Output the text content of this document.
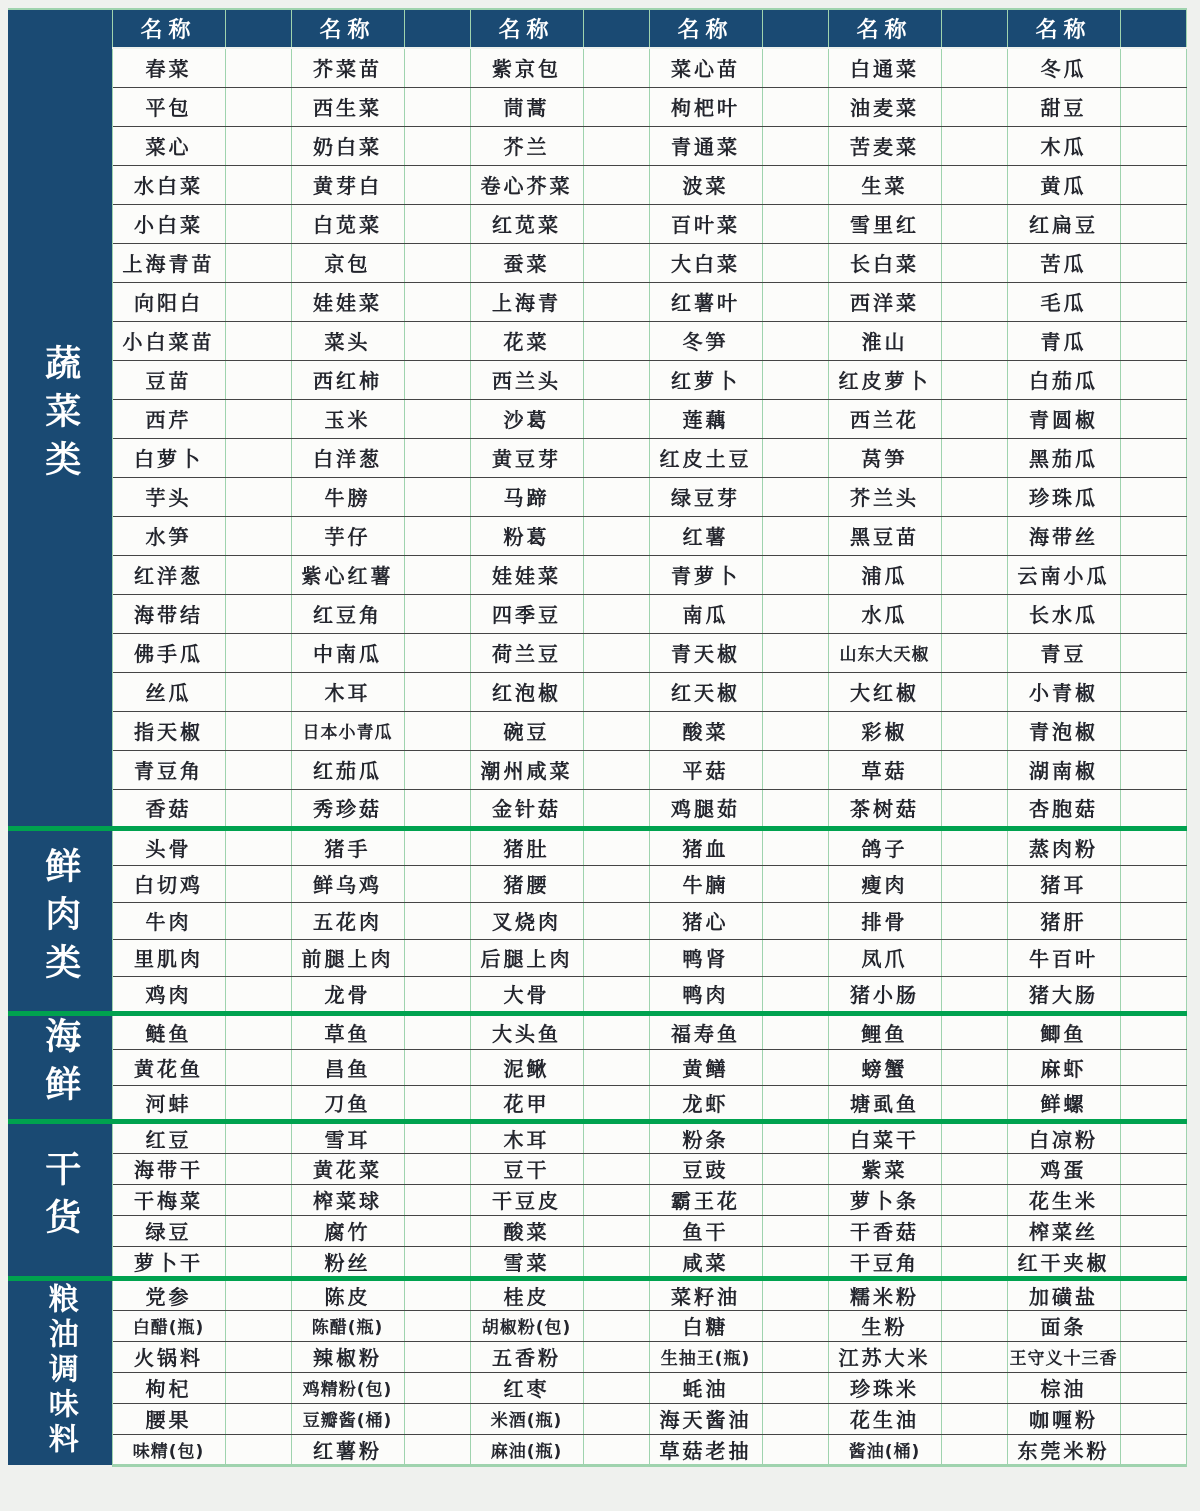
蔬菜类	名称		名称		名称		名称		名称		名称	
	春菜		芥菜苗		紫京包		菜心苗		白通菜		冬瓜	
	平包		西生菜		茼蒿		枸杷叶		油麦菜		甜豆	
	菜心		奶白菜		芥兰		青通菜		苦麦菜		木瓜	
	水白菜		黄芽白		卷心芥菜		波菜		生菜		黄瓜	
	小白菜		白苋菜		红苋菜		百叶菜		雪里红		红扁豆	
	上海青苗		京包		蚕菜		大白菜		长白菜		苦瓜	
	向阳白		娃娃菜		上海青		红薯叶		西洋菜		毛瓜	
	小白菜苗		菜头		花菜		冬笋		淮山		青瓜	
	豆苗		西红柿		西兰头		红萝卜		红皮萝卜		白茄瓜	
	西芹		玉米		沙葛		莲藕		西兰花		青圆椒	
	白萝卜		白洋葱		黄豆芽		红皮土豆		莴笋		黑茄瓜	
	芋头		牛膀		马蹄		绿豆芽		芥兰头		珍珠瓜	
	水笋		芋仔		粉葛		红薯		黑豆苗		海带丝	
	红洋葱		紫心红薯		娃娃菜		青萝卜		浦瓜		云南小瓜	
	海带结		红豆角		四季豆		南瓜		水瓜		长水瓜	
	佛手瓜		中南瓜		荷兰豆		青天椒		山东大天椒		青豆	
	丝瓜		木耳		红泡椒		红天椒		大红椒		小青椒	
	指天椒		日本小青瓜		碗豆		酸菜		彩椒		青泡椒	
	青豆角		红茄瓜		潮州咸菜		平菇		草菇		湖南椒	
	香菇		秀珍菇		金针菇		鸡腿茹		茶树菇		杏胞菇	
鲜肉类	头骨		猪手		猪肚		猪血		鸽子		蒸肉粉	
	白切鸡		鲜乌鸡		猪腰		牛腩		瘦肉		猪耳	
	牛肉		五花肉		叉烧肉		猪心		排骨		猪肝	
	里肌肉		前腿上肉		后腿上肉		鸭肾		凤爪		牛百叶	
	鸡肉		龙骨		大骨		鸭肉		猪小肠		猪大肠	
海鲜	鲢鱼		草鱼		大头鱼		福寿鱼		鲤鱼		鲫鱼	
	黄花鱼		昌鱼		泥鳅		黄鳝		螃蟹		麻虾	
	河蚌		刀鱼		花甲		龙虾		塘虱鱼		鲜螺	
干货	红豆		雪耳		木耳		粉条		白菜干		白凉粉	
	海带干		黄花菜		豆干		豆豉		紫菜		鸡蛋	
	干梅菜		榨菜球		干豆皮		霸王花		萝卜条		花生米	
	绿豆		腐竹		酸菜		鱼干		干香菇		榨菜丝	
	萝卜干		粉丝		雪菜		咸菜		干豆角		红干夹椒	
粮油调味料	党参		陈皮		桂皮		菜籽油		糯米粉		加磺盐	
	白醋(瓶)		陈醋(瓶)		胡椒粉(包)		白糖		生粉		面条	
	火锅料		辣椒粉		五香粉		生抽王(瓶)		江苏大米		王守义十三香	
	枸杞		鸡精粉(包)		红枣		蚝油		珍珠米		棕油	
	腰果		豆瓣酱(桶)		米酒(瓶)		海天酱油		花生油		咖喱粉	
	味精(包)		红薯粉		麻油(瓶)		草菇老抽		酱油(桶)		东莞米粉	
